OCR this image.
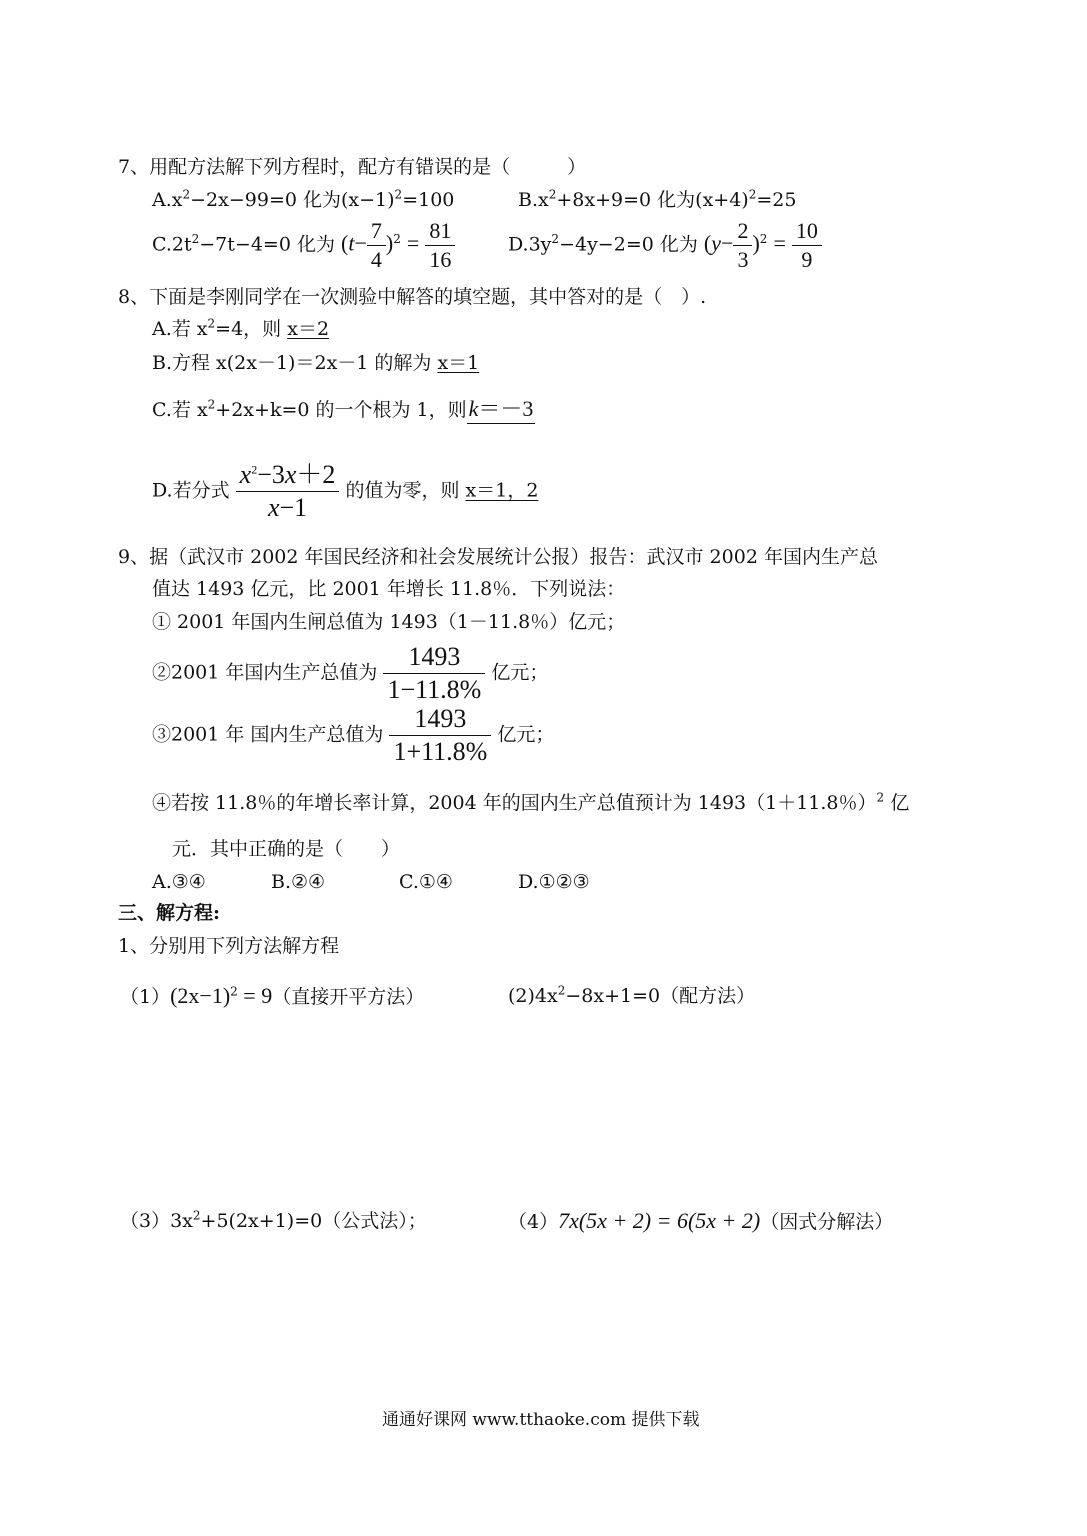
7、用配方法解下列方程时，配方有错误的是（　　　）
$A.x^2-2x-99=0$ 化为$(x-1)^2=100$	$B.x^2+8x+9=0$ 化为$(x+4)^2=25$
$C.2t^2-7t-4=0$ 化为 $(t- \frac{7}{4} )^2 = \frac{81}{16}$	$D.3y^2-4y-2=0$ 化为 $(y- \frac{2}{3} )^2 = \frac{10}{9}$
8、下面是李刚同学在一次测验中解答的填空题，其中答对的是（　）.
A.若 $x^2=4$，则 x＝2
B.方程 x(2x－1)＝2x－1 的解为 x＝1
C.若 $x^2+2x+k=0$ 的一个根为 1，则k＝－3
D.若分式 $\frac{x^2-3x+2}{x-1}$ 的值为零，则 x＝1，2
9、据（武汉市 2002 年国民经济和社会发展统计公报）报告：武汉市 2002 年国内生产总
值达 1493 亿元，比 2001 年增长 11.8％．下列说法：
① 2001 年国内生闸总值为 1493（1－11.8％）亿元；
②2001 年国内生产总值为 $\frac{1493}{1-11.8\%}$ 亿元；
③2001 年 国内生产总值为 $\frac{1493}{1+11.8\%}$ 亿元；
④若按 11.8％的年增长率计算，2004 年的国内生产总值预计为 1493（1＋11.8％）$^2$ 亿
元．其中正确的是（　　）
A.③④	B.②④	C.①④	D.①②③
三、解方程:
1、分别用下列方法解方程
$(1)(2x-1)^2 = 9$（直接开平方法）	$(2)4x^2-8x+1=0$（配方法）
$(3)3x^2+5(2x+1)=0$（公式法）；	（4）7x(5x + 2) = 6(5x + 2)（因式分解法）
通通好课网 www.tthaoke.com 提供下载
